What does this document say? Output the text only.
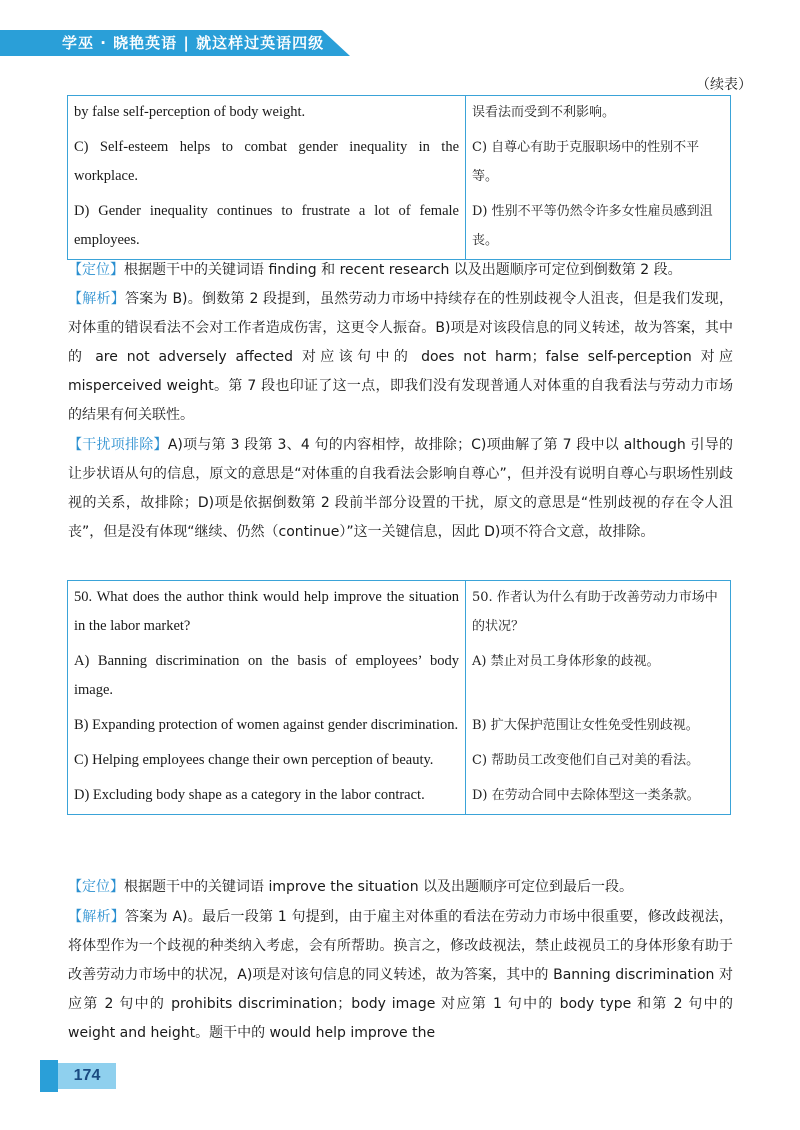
学巫 · 晓艳英语 | 就这样过英语四级
（续表）
by false self-perception of body weight.	误看法而受到不利影响。
C) Self-esteem helps to combat gender inequality in the workplace.	C) 自尊心有助于克服职场中的性别不平等。
D) Gender inequality continues to frustrate a lot of female employees.	D) 性别不平等仍然令许多女性雇员感到沮丧。

【定位】根据题干中的关键词语 finding 和 recent research 以及出题顺序可定位到倒数第 2 段。

【解析】答案为 B)。倒数第 2 段提到，虽然劳动力市场中持续存在的性别歧视令人沮丧，但是我们发现，对体重的错误看法不会对工作者造成伤害，这更令人振奋。B)项是对该段信息的同义转述，故为答案，其中的 are not adversely affected 对应该句中的 does not harm；false self-perception 对应 misperceived weight。第 7 段也印证了这一点，即我们没有发现普通人对体重的自我看法与劳动力市场的结果有何关联性。

【干扰项排除】A)项与第 3 段第 3、4 句的内容相悖，故排除；C)项曲解了第 7 段中以 although 引导的让步状语从句的信息，原文的意思是“对体重的自我看法会影响自尊心”，但并没有说明自尊心与职场性别歧视的关系，故排除；D)项是依据倒数第 2 段前半部分设置的干扰，原文的意思是“性别歧视的存在令人沮丧”，但是没有体现“继续、仍然（continue）”这一关键信息，因此 D)项不符合文意，故排除。

50. What does the author think would help improve the situation in the labor market?	50. 作者认为什么有助于改善劳动力市场中的状况？
A) Banning discrimination on the basis of employees’ body image.	A) 禁止对员工身体形象的歧视。
B) Expanding protection of women against gender discrimination.	B) 扩大保护范围让女性免受性别歧视。
C) Helping employees change their own perception of beauty.	C) 帮助员工改变他们自己对美的看法。
D) Excluding body shape as a category in the labor contract.	D) 在劳动合同中去除体型这一类条款。

【定位】根据题干中的关键词语 improve the situation 以及出题顺序可定位到最后一段。

【解析】答案为 A)。最后一段第 1 句提到，由于雇主对体重的看法在劳动力市场中很重要，修改歧视法，将体型作为一个歧视的种类纳入考虑，会有所帮助。换言之，修改歧视法，禁止歧视员工的身体形象有助于改善劳动力市场中的状况，A)项是对该句信息的同义转述，故为答案，其中的 Banning discrimination 对应第 2 句中的 prohibits discrimination；body image 对应第 1 句中的 body type 和第 2 句中的 weight and height。题干中的 would help improve the

174
